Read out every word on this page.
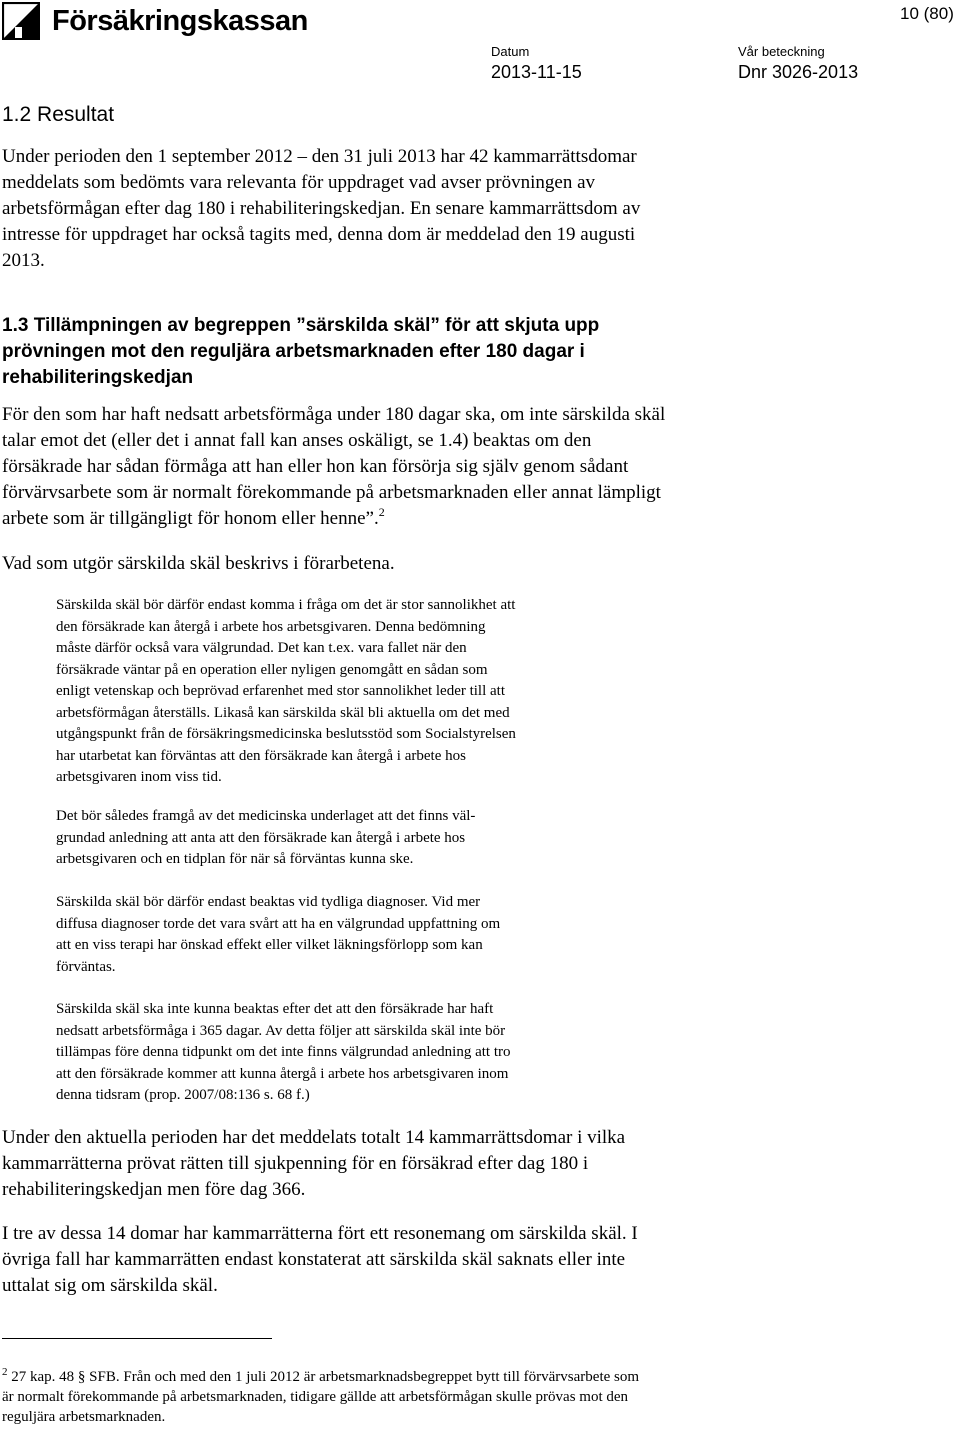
Försäkringskassan	10 (80)
Datum
2013-11-15
Vår beteckning
Dnr 3026-2013
1.2 Resultat

Under perioden den 1 september 2012 – den 31 juli 2013 har 42 kammarrättsdomar
meddelats som bedömts vara relevanta för uppdraget vad avser prövningen av
arbetsförmågan efter dag 180 i rehabiliteringskedjan. En senare kammarrättsdom av
intresse för uppdraget har också tagits med, denna dom är meddelad den 19 augusti
2013.

1.3 Tillämpningen av begreppen ”särskilda skäl” för att skjuta upp
prövningen mot den reguljära arbetsmarknaden efter 180 dagar i
rehabiliteringskedjan

För den som har haft nedsatt arbetsförmåga under 180 dagar ska, om inte särskilda skäl
talar emot det (eller det i annat fall kan anses oskäligt, se 1.4) beaktas om den
försäkrade har sådan förmåga att han eller hon kan försörja sig själv genom sådant
förvärvsarbete som är normalt förekommande på arbetsmarknaden eller annat lämpligt
arbete som är tillgängligt för honom eller henne”.$^2$

Vad som utgör särskilda skäl beskrivs i förarbetena.

Särskilda skäl bör därför endast komma i fråga om det är stor sannolikhet att
den försäkrade kan återgå i arbete hos arbetsgivaren. Denna bedömning
måste därför också vara välgrundad. Det kan t.ex. vara fallet när den
försäkrade väntar på en operation eller nyligen genomgått en sådan som
enligt vetenskap och beprövad erfarenhet med stor sannolikhet leder till att
arbetsförmågan återställs. Likaså kan särskilda skäl bli aktuella om det med
utgångspunkt från de försäkringsmedicinska beslutsstöd som Socialstyrelsen
har utarbetat kan förväntas att den försäkrade kan återgå i arbete hos
arbetsgivaren inom viss tid.

Det bör således framgå av det medicinska underlaget att det finns väl-
grundad anledning att anta att den försäkrade kan återgå i arbete hos
arbetsgivaren och en tidplan för när så förväntas kunna ske.

Särskilda skäl bör därför endast beaktas vid tydliga diagnoser. Vid mer
diffusa diagnoser torde det vara svårt att ha en välgrundad uppfattning om
att en viss terapi har önskad effekt eller vilket läkningsförlopp som kan
förväntas.

Särskilda skäl ska inte kunna beaktas efter det att den försäkrade har haft
nedsatt arbetsförmåga i 365 dagar. Av detta följer att särskilda skäl inte bör
tillämpas före denna tidpunkt om det inte finns välgrundad anledning att tro
att den försäkrade kommer att kunna återgå i arbete hos arbetsgivaren inom
denna tidsram (prop. 2007/08:136 s. 68 f.)

Under den aktuella perioden har det meddelats totalt 14 kammarrättsdomar i vilka
kammarrätterna prövat rätten till sjukpenning för en försäkrad efter dag 180 i
rehabiliteringskedjan men före dag 366.

I tre av dessa 14 domar har kammarrätterna fört ett resonemang om särskilda skäl. I
övriga fall har kammarrätten endast konstaterat att särskilda skäl saknats eller inte
uttalat sig om särskilda skäl.

$^2$ 27 kap. 48 § SFB. Från och med den 1 juli 2012 är arbetsmarknadsbegreppet bytt till förvärvsarbete som
är normalt förekommande på arbetsmarknaden, tidigare gällde att arbetsförmågan skulle prövas mot den
reguljära arbetsmarknaden.
